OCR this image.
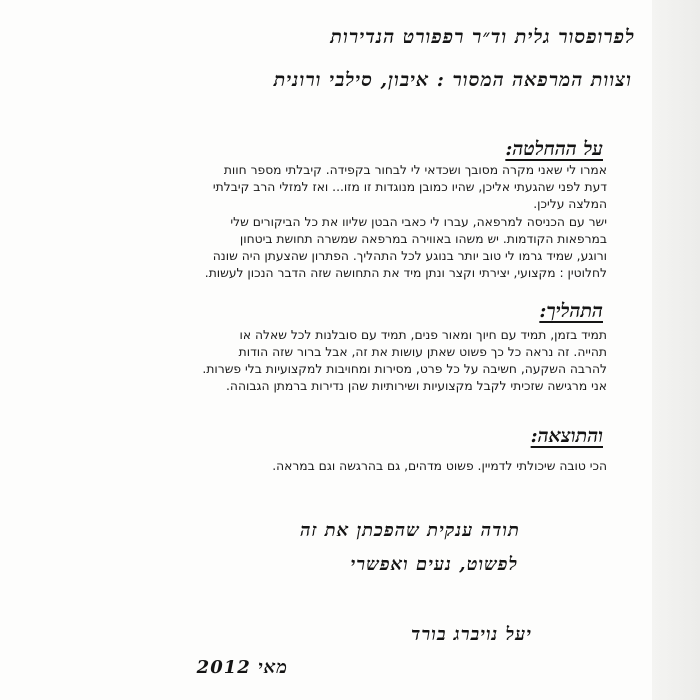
לפרופסור גלית וד״ר רפפורט הנדירות
וצוות המרפאה המסור : איבון, סילבי ורונית
על ההחלטה:

אמרו לי שאני מקרה מסובך ושכדאי לי לבחור בקפידה. קיבלתי מספר חוות

דעת לפני שהגעתי אליכן, שהיו כמובן מנוגדות זו מזו... ואז למזלי הרב קיבלתי

המלצה עליכן.

ישר עם הכניסה למרפאה, עברו לי כאבי הבטן שליוו את כל הביקורים שלי

במרפאות הקודמות. יש משהו באווירה במרפאה שמשרה תחושת ביטחון

ורוגע, שמיד גרמו לי טוב יותר בנוגע לכל התהליך. הפתרון שהצעתן היה שונה

לחלוטין : מקצועי, יצירתי וקצר ונתן מיד את התחושה שזה הדבר הנכון לעשות.

התהליך:

תמיד בזמן, תמיד עם חיוך ומאור פנים, תמיד עם סובלנות לכל שאלה או

תהייה. זה נראה כל כך פשוט שאתן עושות את זה, אבל ברור שזה הודות

להרבה השקעה, חשיבה על כל פרט, מסירות ומחויבות למקצועיות בלי פשרות.

אני מרגישה שזכיתי לקבל מקצועיות ושירותיות שהן נדירות ברמתן הגבוהה.

והתוצאה:

הכי טובה שיכולתי לדמיין. פשוט מדהים, גם בהרגשה וגם במראה.

תודה ענקית שהפכתן את זה
לפשוט, נעים ואפשרי
יעל נויברג בורד
מאי 2012
